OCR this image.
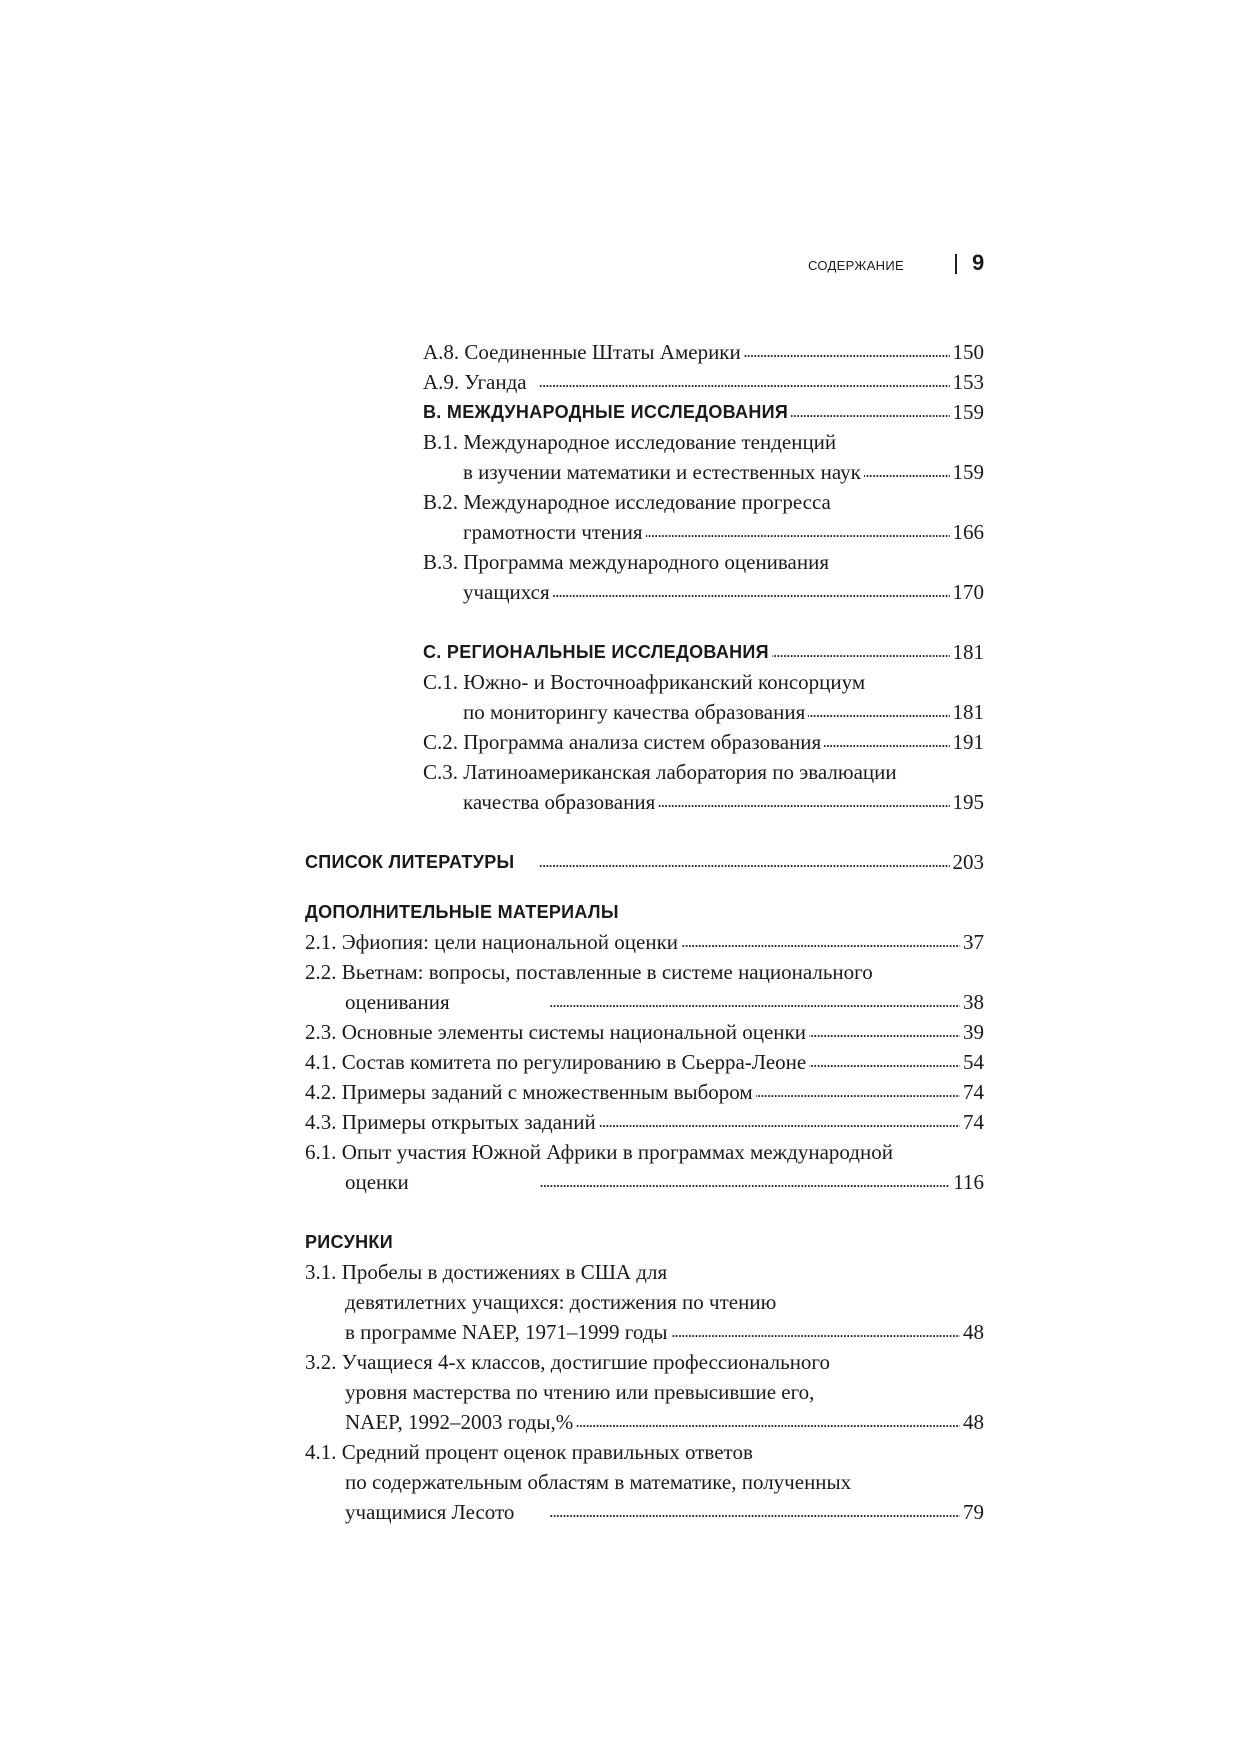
СОДЕРЖАНИЕ	9
A.8. Соединенные Штаты Америки . . .	150
A.9. Уганда . . .	153
B. МЕЖДУНАРОДНЫЕ ИССЛЕДОВАНИЯ . . .	159
B.1. Международное исследование тенденций
в изучении математики и естественных наук . . .	159
B.2. Международное исследование прогресса
грамотности чтения . . .	166
B.3. Программа международного оценивания
учащихся . . .	170
C. РЕГИОНАЛЬНЫЕ ИССЛЕДОВАНИЯ . . .	181
C.1. Южно- и Восточноафриканский консорциум
по мониторингу качества образования . . .	181
C.2. Программа анализа систем образования . . .	191
C.3. Латиноамериканская лаборатория по эвалюации
качества образования . . .	195
СПИСОК ЛИТЕРАТУРЫ . . .	203
ДОПОЛНИТЕЛЬНЫЕ МАТЕРИАЛЫ
2.1. Эфиопия: цели национальной оценки . . .	37
2.2. Вьетнам: вопросы, поставленные в системе национального
оценивания . . .	38
2.3. Основные элементы системы национальной оценки . . .	39
4.1. Состав комитета по регулированию в Сьерра-Леоне . . .	54
4.2. Примеры заданий с множественным выбором . . .	74
4.3. Примеры открытых заданий . . .	74
6.1. Опыт участия Южной Африки в программах международной
оценки . . .	116
РИСУНКИ
3.1. Пробелы в достижениях в США для
девятилетних учащихся: достижения по чтению
в программе NAEP, 1971–1999 годы . . .	48
3.2. Учащиеся 4-х классов, достигшие профессионального
уровня мастерства по чтению или превысившие его,
NAEP, 1992–2003 годы,% . . .	48
4.1. Средний процент оценок правильных ответов
по содержательным областям в математике, полученных
учащимися Лесото . . .	79
